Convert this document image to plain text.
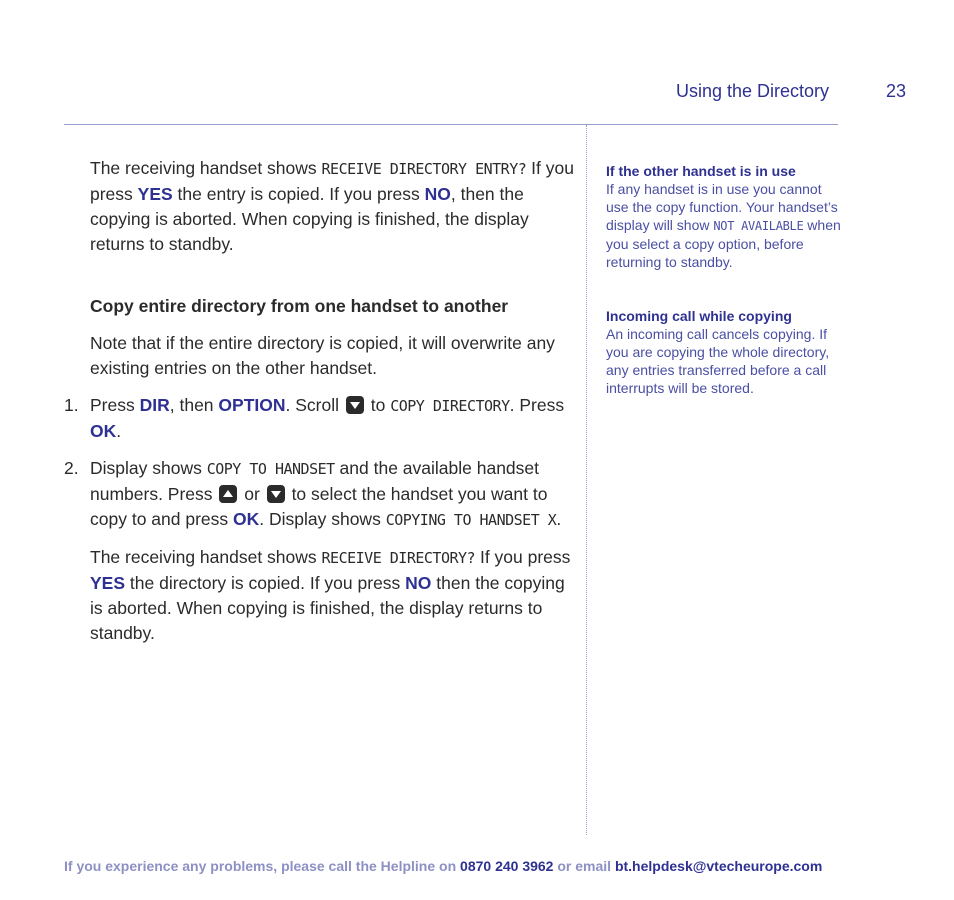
Using the Directory	23

The receiving handset shows RECEIVE DIRECTORY ENTRY? If you press YES the entry is copied. If you press NO, then the copying is aborted. When copying is finished, the display returns to standby.

Copy entire directory from one handset to another

Note that if the entire directory is copied, it will overwrite any existing entries on the other handset.

1. Press DIR, then OPTION. Scroll  to COPY DIRECTORY. Press OK.

2. Display shows COPY TO HANDSET and the available handset numbers. Press  or  to select the handset you want to copy to and press OK. Display shows COPYING TO HANDSET X.

The receiving handset shows RECEIVE DIRECTORY? If you press YES the directory is copied. If you press NO then the copying is aborted. When copying is finished, the display returns to standby.

If the other handset is in use
If any handset is in use you cannot use the copy function. Your handset’s display will show NOT AVAILABLE when you select a copy option, before returning to standby.
Incoming call while copying
An incoming call cancels copying. If you are copying the whole directory, any entries transferred before a call interrupts will be stored.
If you experience any problems, please call the Helpline on 0870 240 3962 or email bt.helpdesk@vtecheurope.com
